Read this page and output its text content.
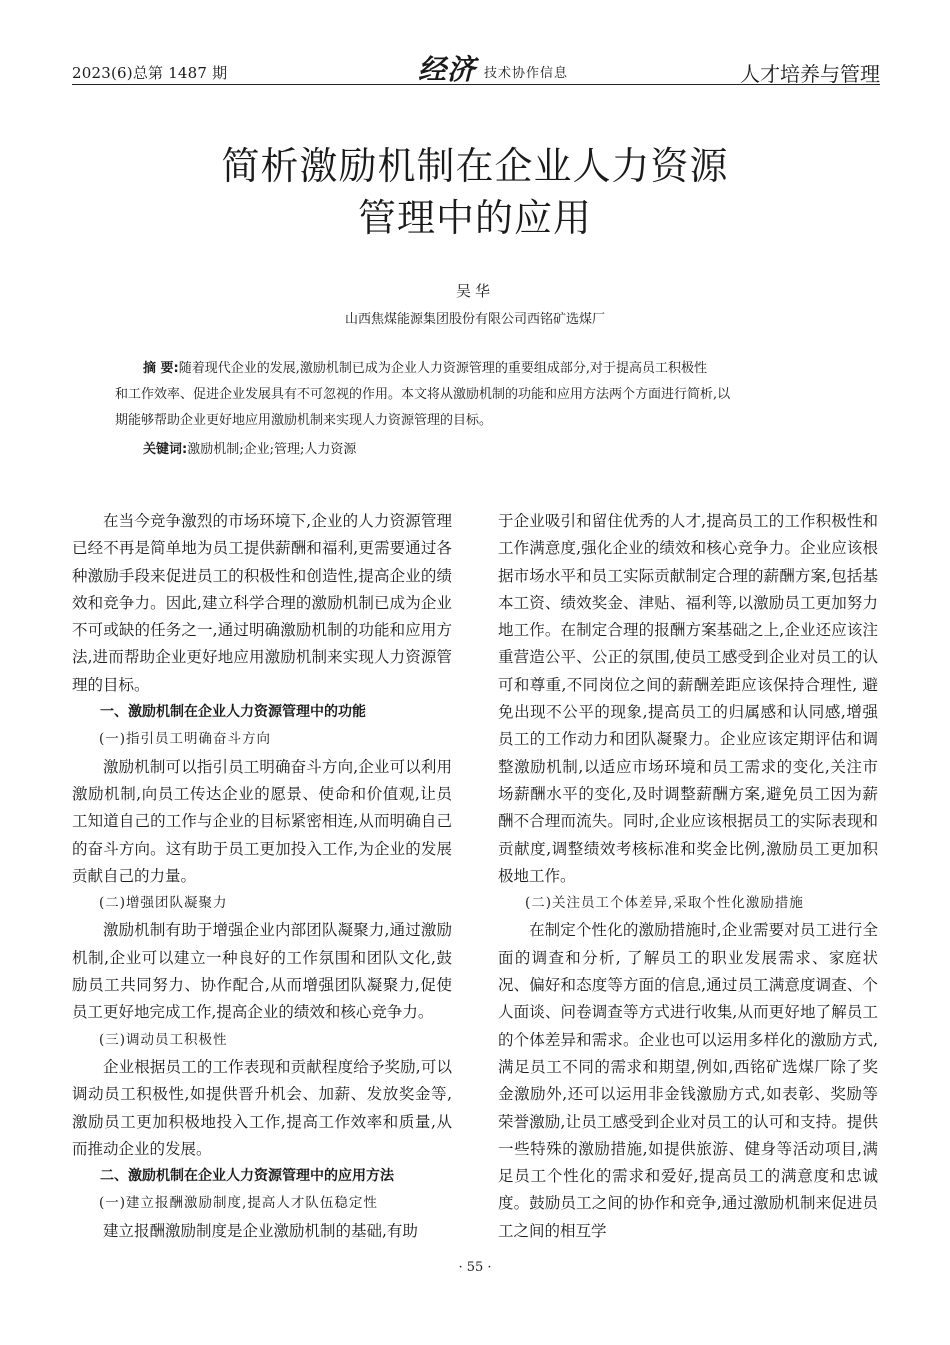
2023(6)总第 1487 期	经济 技术协作信息	人才培养与管理
简析激励机制在企业人力资源
管理中的应用
吴华
山西焦煤能源集团股份有限公司西铭矿选煤厂

摘 要:随着现代企业的发展,激励机制已成为企业人力资源管理的重要组成部分,对于提高员工积极性

和工作效率、促进企业发展具有不可忽视的作用。本文将从激励机制的功能和应用方法两个方面进行简析,以

期能够帮助企业更好地应用激励机制来实现人力资源管理的目标。

关键词:激励机制;企业;管理;人力资源

在当今竞争激烈的市场环境下,企业的人力资源管理已经不再是简单地为员工提供薪酬和福利,更需要通过各种激励手段来促进员工的积极性和创造性,提高企业的绩效和竞争力。因此,建立科学合理的激励机制已成为企业不可或缺的任务之一,通过明确激励机制的功能和应用方法,进而帮助企业更好地应用激励机制来实现人力资源管理的目标。

一、激励机制在企业人力资源管理中的功能

(一)指引员工明确奋斗方向

激励机制可以指引员工明确奋斗方向,企业可以利用激励机制,向员工传达企业的愿景、使命和价值观,让员工知道自己的工作与企业的目标紧密相连,从而明确自己的奋斗方向。这有助于员工更加投入工作,为企业的发展贡献自己的力量。

(二)增强团队凝聚力

激励机制有助于增强企业内部团队凝聚力,通过激励机制,企业可以建立一种良好的工作氛围和团队文化,鼓励员工共同努力、协作配合,从而增强团队凝聚力,促使员工更好地完成工作,提高企业的绩效和核心竞争力。

(三)调动员工积极性

企业根据员工的工作表现和贡献程度给予奖励,可以调动员工积极性,如提供晋升机会、加薪、发放奖金等,激励员工更加积极地投入工作,提高工作效率和质量,从而推动企业的发展。

二、激励机制在企业人力资源管理中的应用方法

(一)建立报酬激励制度,提高人才队伍稳定性

建立报酬激励制度是企业激励机制的基础,有助

于企业吸引和留住优秀的人才,提高员工的工作积极性和工作满意度,强化企业的绩效和核心竞争力。企业应该根据市场水平和员工实际贡献制定合理的薪酬方案,包括基本工资、绩效奖金、津贴、福利等,以激励员工更加努力地工作。在制定合理的报酬方案基础之上,企业还应该注重营造公平、公正的氛围,使员工感受到企业对员工的认可和尊重,不同岗位之间的薪酬差距应该保持合理性, 避免出现不公平的现象,提高员工的归属感和认同感,增强员工的工作动力和团队凝聚力。企业应该定期评估和调整激励机制,以适应市场环境和员工需求的变化,关注市场薪酬水平的变化,及时调整薪酬方案,避免员工因为薪酬不合理而流失。同时,企业应该根据员工的实际表现和贡献度,调整绩效考核标准和奖金比例,激励员工更加积极地工作。

(二)关注员工个体差异,采取个性化激励措施

在制定个性化的激励措施时,企业需要对员工进行全面的调查和分析, 了解员工的职业发展需求、家庭状况、偏好和态度等方面的信息,通过员工满意度调查、个人面谈、问卷调查等方式进行收集,从而更好地了解员工的个体差异和需求。企业也可以运用多样化的激励方式,满足员工不同的需求和期望,例如,西铭矿选煤厂除了奖金激励外,还可以运用非金钱激励方式,如表彰、奖励等荣誉激励,让员工感受到企业对员工的认可和支持。提供一些特殊的激励措施,如提供旅游、健身等活动项目,满足员工个性化的需求和爱好,提高员工的满意度和忠诚度。鼓励员工之间的协作和竞争,通过激励机制来促进员工之间的相互学

· 55 ·
